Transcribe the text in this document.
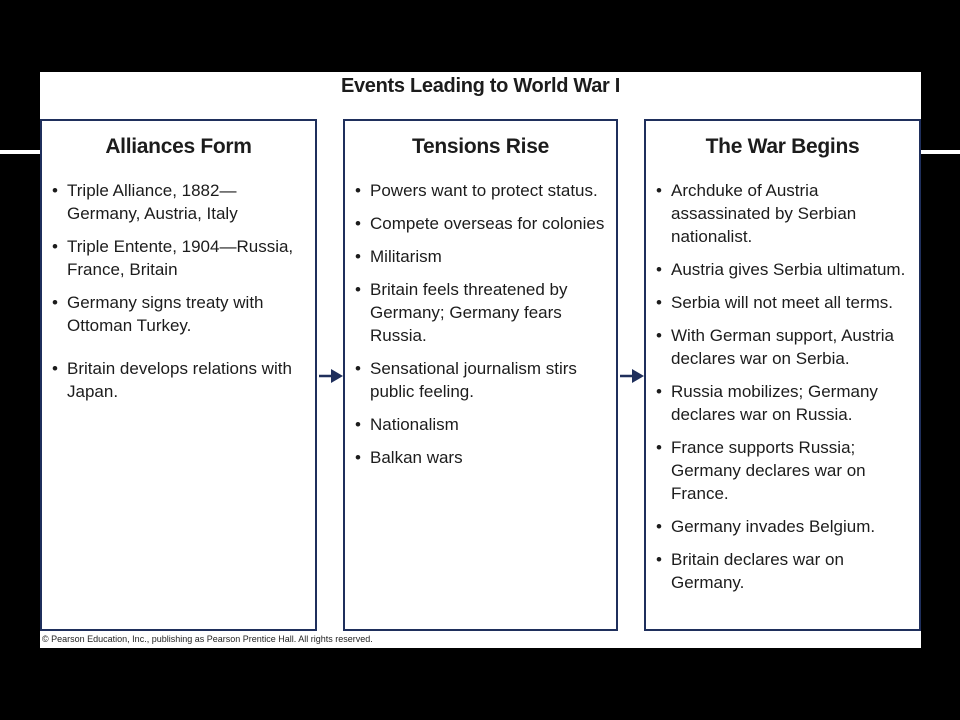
Events Leading to World War I
Alliances Form
• Triple Alliance, 1882—Germany, Austria, Italy
• Triple Entente, 1904—Russia, France, Britain
• Germany signs treaty with Ottoman Turkey.
• Britain develops relations with Japan.
Tensions Rise
• Powers want to protect status.
• Compete overseas for colonies
• Militarism
• Britain feels threatened by Germany; Germany fears Russia.
• Sensational journalism stirs public feeling.
• Nationalism
• Balkan wars
The War Begins
• Archduke of Austria assassinated by Serbian nationalist.
• Austria gives Serbia ultimatum.
• Serbia will not meet all terms.
• With German support, Austria declares war on Serbia.
• Russia mobilizes; Germany declares war on Russia.
• France supports Russia; Germany declares war on France.
• Germany invades Belgium.
• Britain declares war on Germany.
© Pearson Education, Inc., publishing as Pearson Prentice Hall. All rights reserved.
